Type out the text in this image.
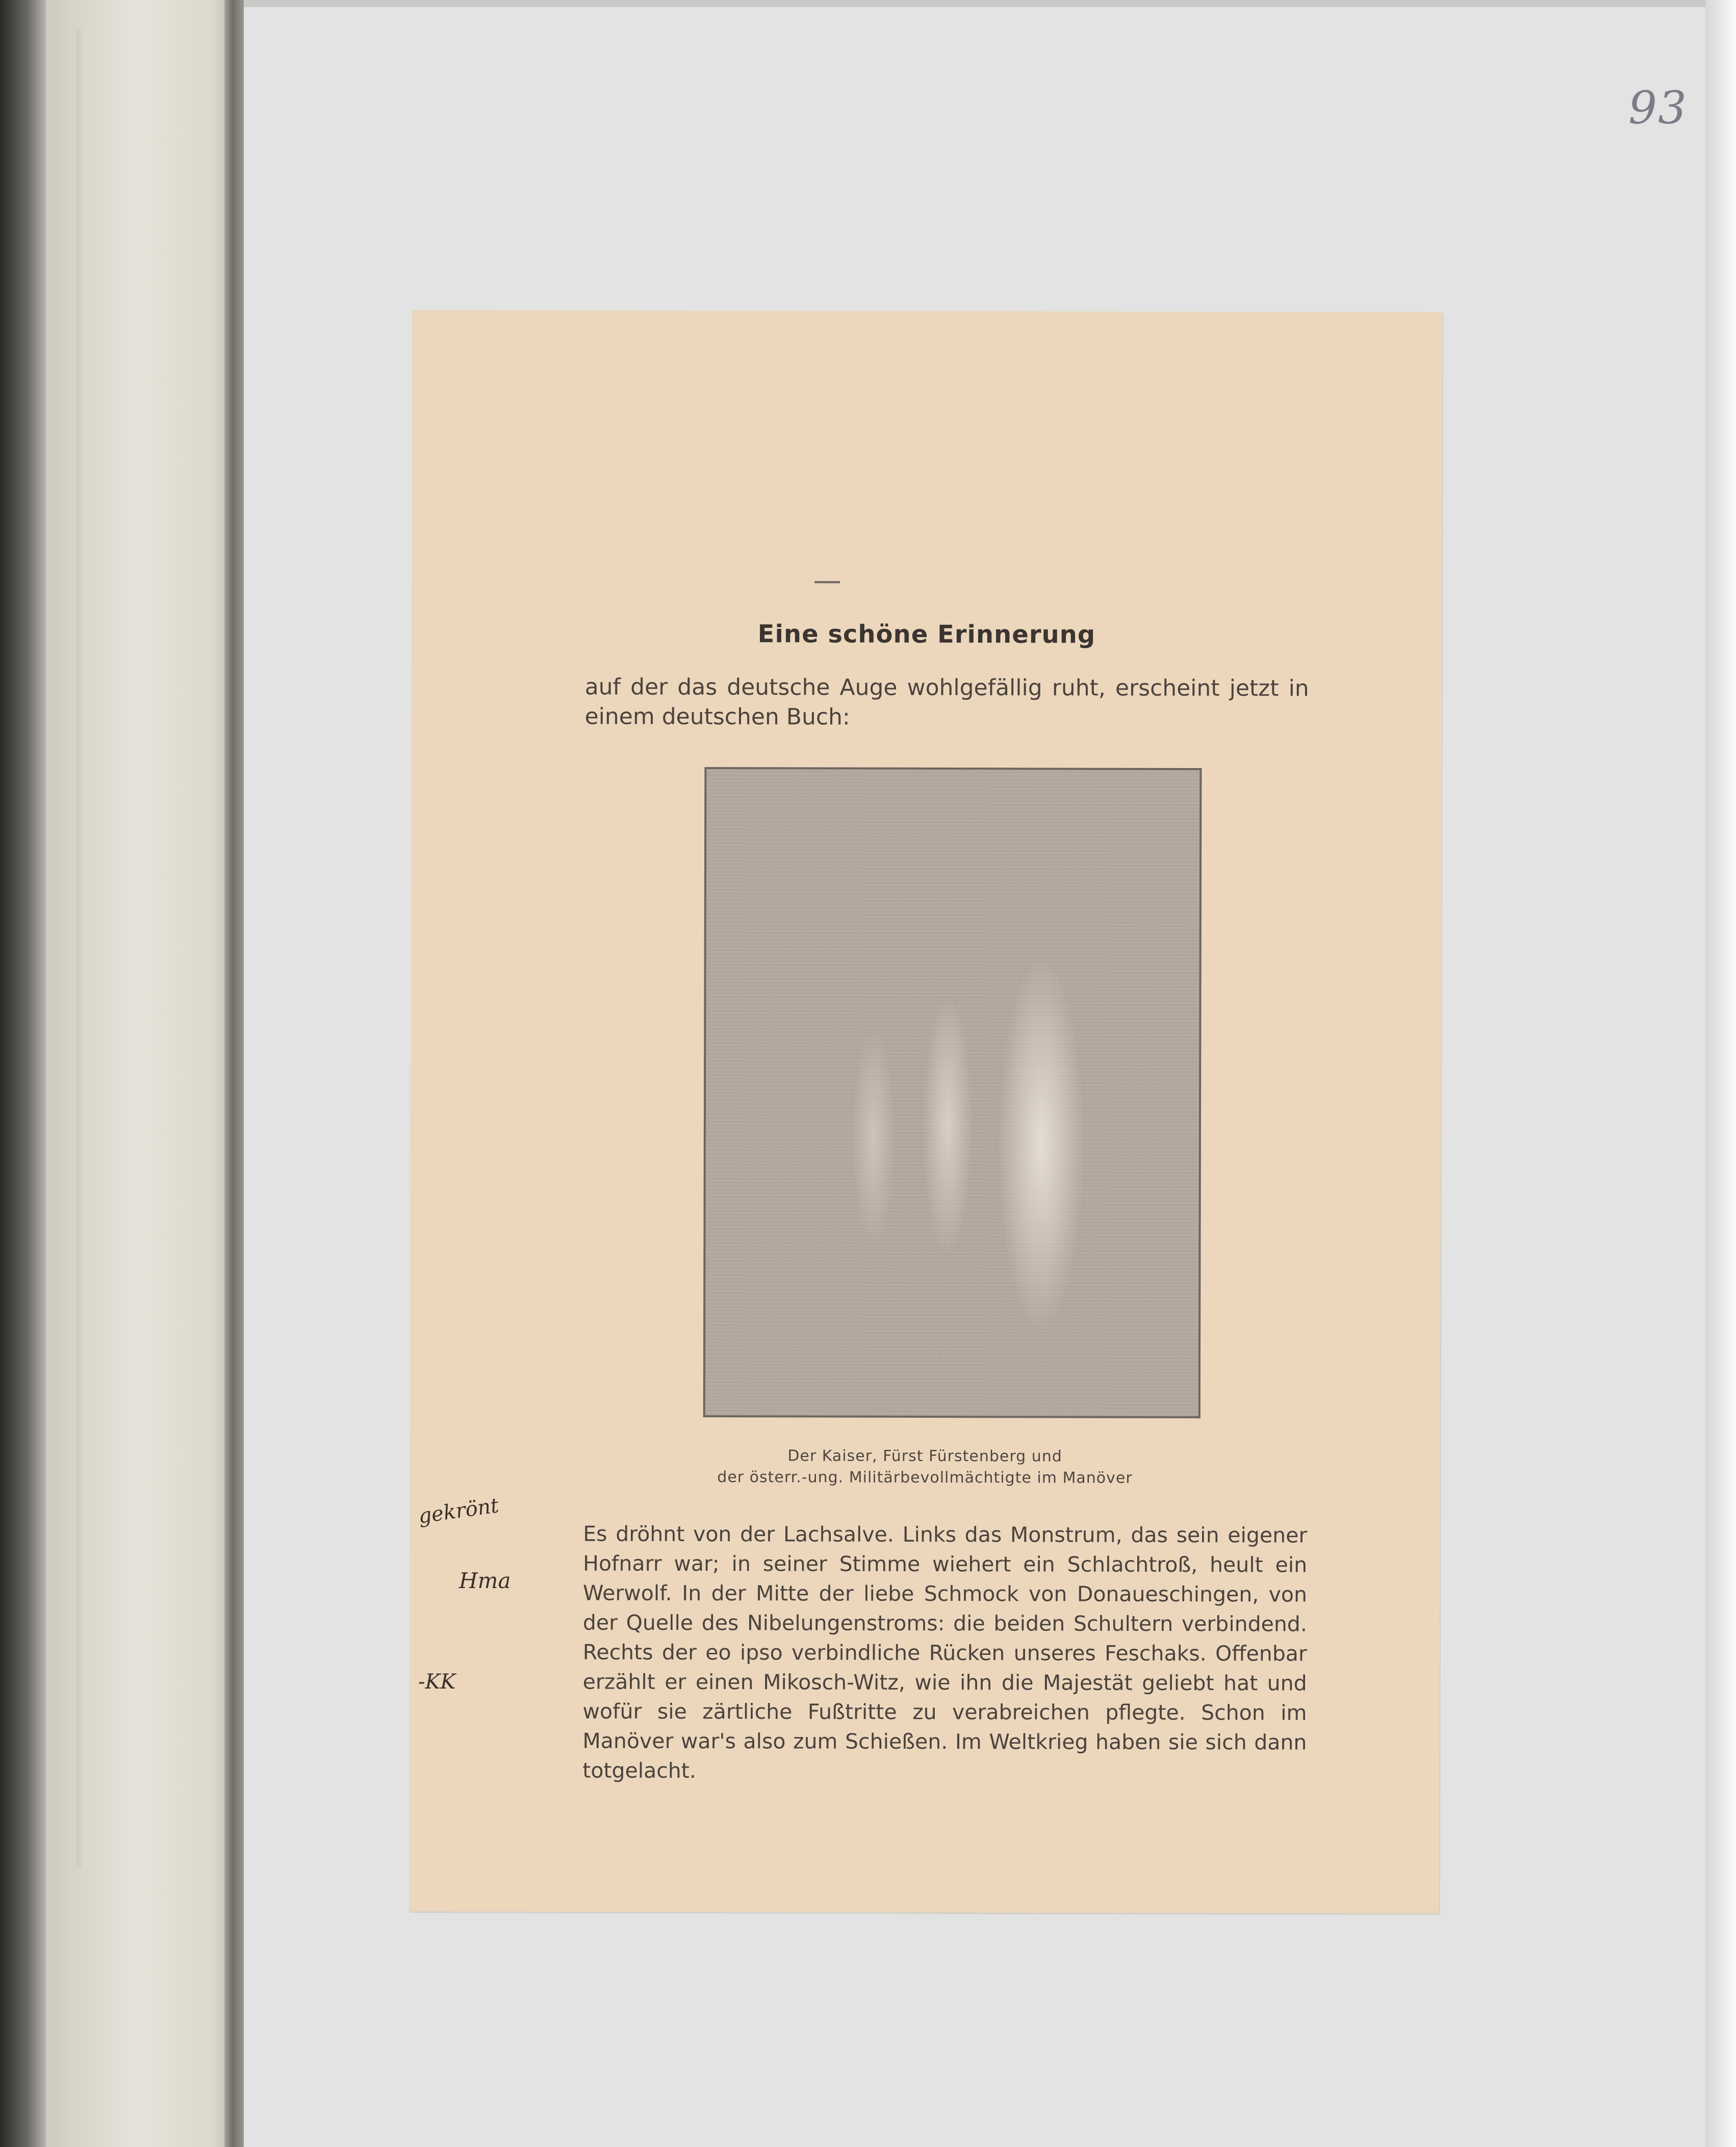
93
Eine schöne Erinnerung
auf der das deutsche Auge wohlgefällig ruht, erscheint jetzt in einem deutschen Buch:
Der Kaiser, Fürst Fürstenberg und
der österr.-ung. Militärbevollmächtigte im Manöver

Es dröhnt von der Lachsalve. Links das Monstrum, das sein eigener Hofnarr war; in seiner Stimme wiehert ein Schlachtroß, heult ein Werwolf. In der Mitte der liebe Schmock von Donaueschingen, von der Quelle des Nibelungenstroms: die beiden Schultern verbindend. Rechts der eo ipso verbindliche Rücken unseres Feschaks. Offenbar erzählt er einen Mikosch-Witz, wie ihn die Majestät geliebt hat und wofür sie zärtliche Fußtritte zu verabreichen pflegte. Schon im Manöver war's also zum Schießen. Im Weltkrieg haben sie sich dann totgelacht.

gekrönt
Hma
-KK
